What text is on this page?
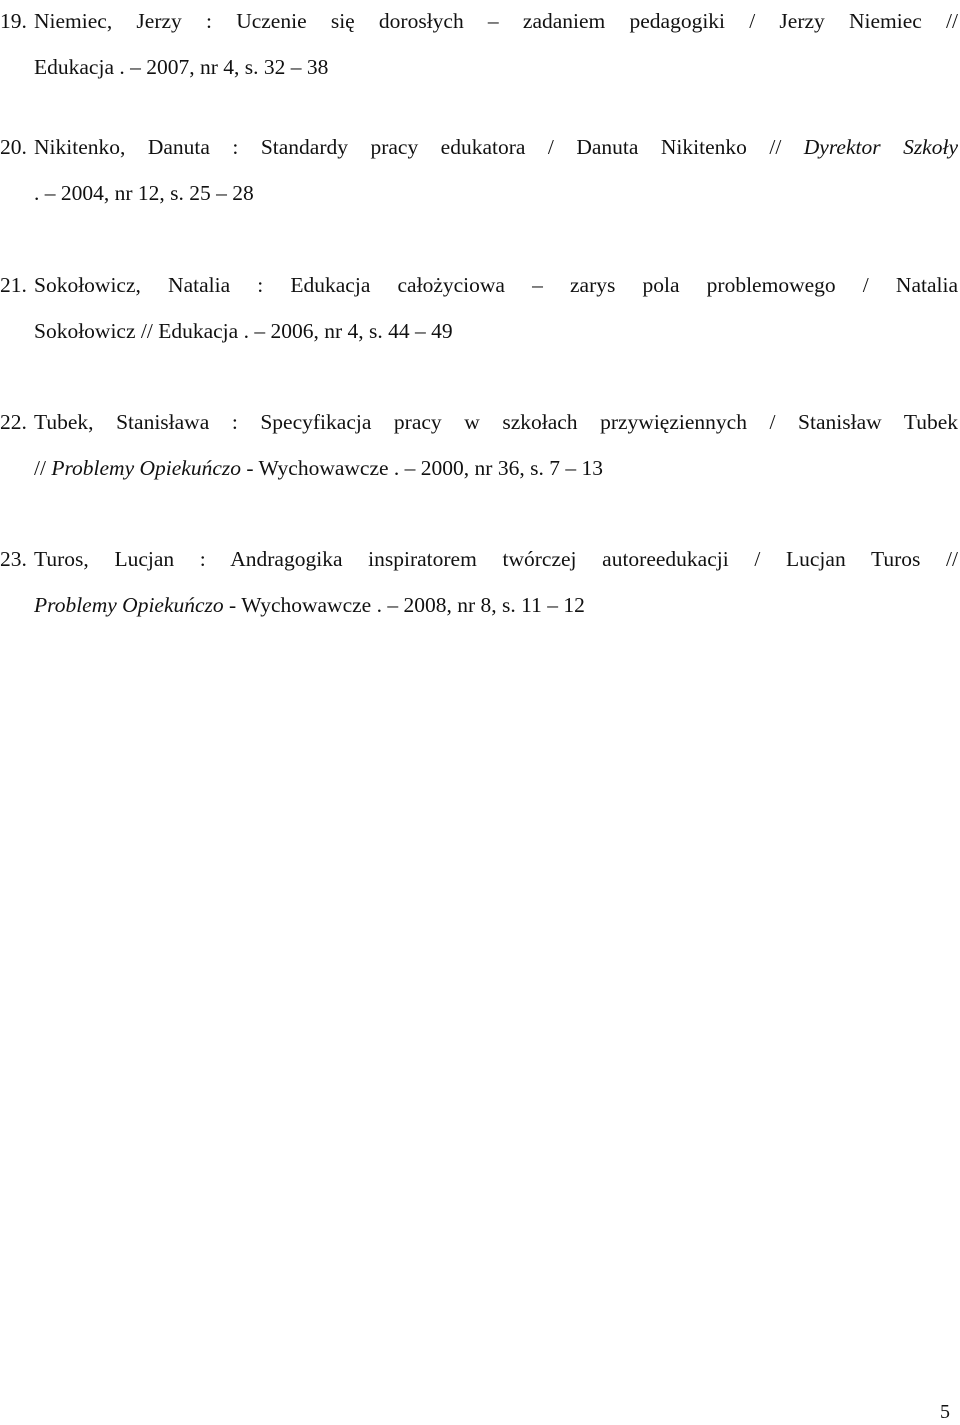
19. Niemiec, Jerzy : Uczenie się dorosłych – zadaniem pedagogiki / Jerzy Niemiec //
Edukacja . – 2007, nr 4, s. 32 – 38
20. Nikitenko, Danuta : Standardy pracy edukatora / Danuta Nikitenko // Dyrektor Szkoły
. – 2004, nr 12, s. 25 – 28
21. Sokołowicz, Natalia : Edukacja całożyciowa – zarys pola problemowego / Natalia
Sokołowicz // Edukacja . – 2006, nr 4, s. 44 – 49
22. Tubek, Stanisława : Specyfikacja pracy w szkołach przywięziennych / Stanisław Tubek
// Problemy Opiekuńczo - Wychowawcze . – 2000, nr 36, s. 7 – 13
23. Turos, Lucjan : Andragogika inspiratorem twórczej autoreedukacji / Lucjan Turos //
Problemy Opiekuńczo - Wychowawcze . – 2008, nr 8, s. 11 – 12
5
